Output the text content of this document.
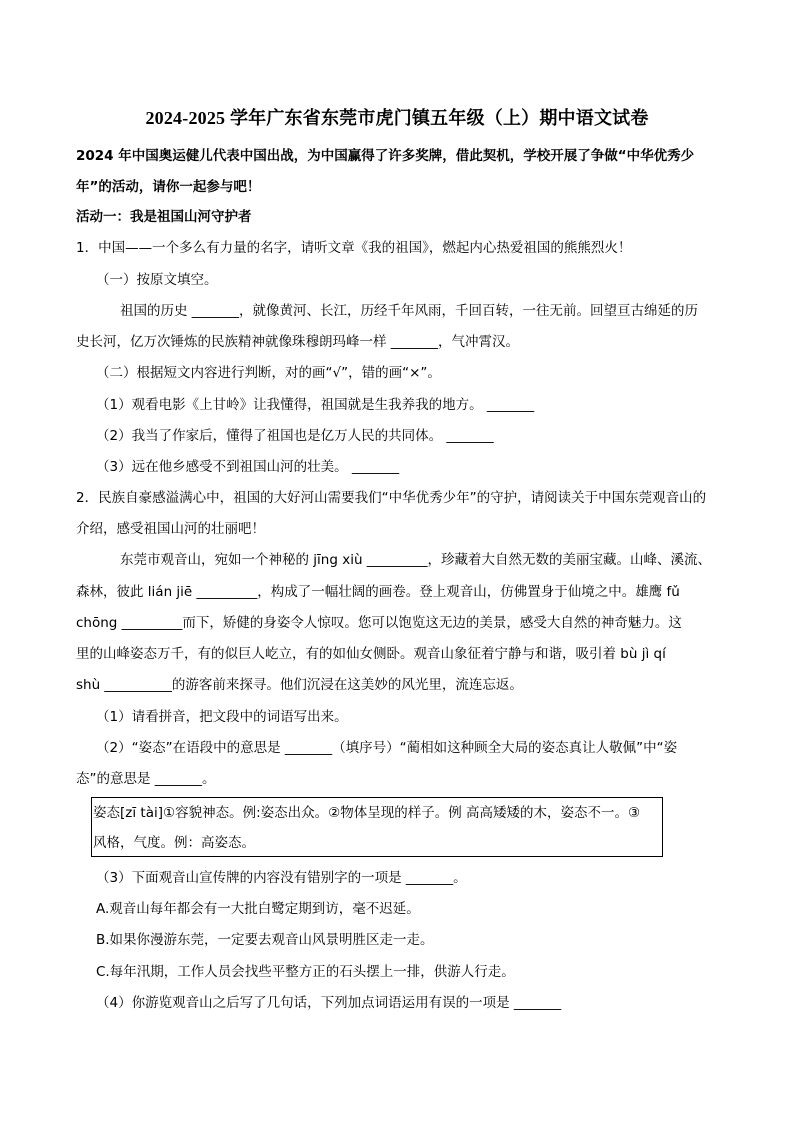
2024-2025 学年广东省东莞市虎门镇五年级（上）期中语文试卷
2024 年中国奥运健儿代表中国出战，为中国赢得了许多奖牌，借此契机，学校开展了争做“中华优秀少
年”的活动，请你一起参与吧！
活动一：我是祖国山河守护者
1．中国——一个多么有力量的名字，请听文章《我的祖国》，燃起内心热爱祖国的熊熊烈火！
（一）按原文填空。
祖国的历史 _______，就像黄河、长江，历经千年风雨，千回百转，一往无前。回望亘古绵延的历
史长河，亿万次锤炼的民族精神就像珠穆朗玛峰一样 _______，气冲霄汉。
（二）根据短文内容进行判断，对的画“√”，错的画“×”。
（1）观看电影《上甘岭》让我懂得，祖国就是生我养我的地方。 _______
（2）我当了作家后，懂得了祖国也是亿万人民的共同体。 _______
（3）远在他乡感受不到祖国山河的壮美。 _______
2．民族自豪感溢满心中，祖国的大好河山需要我们“中华优秀少年”的守护，请阅读关于中国东莞观音山的
介绍，感受祖国山河的壮丽吧！
东莞市观音山，宛如一个神秘的 jīng xiù _________，珍藏着大自然无数的美丽宝藏。山峰、溪流、
森林，彼此 lián jiē _________，构成了一幅壮阔的画卷。登上观音山，仿佛置身于仙境之中。雄鹰 fǔ
chōng _________而下，矫健的身姿令人惊叹。您可以饱览这无边的美景，感受大自然的神奇魅力。这
里的山峰姿态万千，有的似巨人屹立，有的如仙女侧卧。观音山象征着宁静与和谐，吸引着 bù jì qí
shù __________的游客前来探寻。他们沉浸在这美妙的风光里，流连忘返。
（1）请看拼音，把文段中的词语写出来。
（2）“姿态”在语段中的意思是 _______（填序号）“蔺相如这种顾全大局的姿态真让人敬佩”中“姿
态”的意思是 _______。
姿态[zī tài]①容貌神态。例:姿态出众。②物体呈现的样子。例 高高矮矮的木，姿态不一。③
风格，气度。例：高姿态。
（3）下面观音山宣传牌的内容没有错别字的一项是 _______。
A.观音山每年都会有一大批白鹭定期到访，毫不迟延。
B.如果你漫游东莞，一定要去观音山风景明胜区走一走。
C.每年汛期，工作人员会找些平整方正的石头摆上一排，供游人行走。
（4）你游览观音山之后写了几句话，下列加点词语运用有误的一项是 _______
